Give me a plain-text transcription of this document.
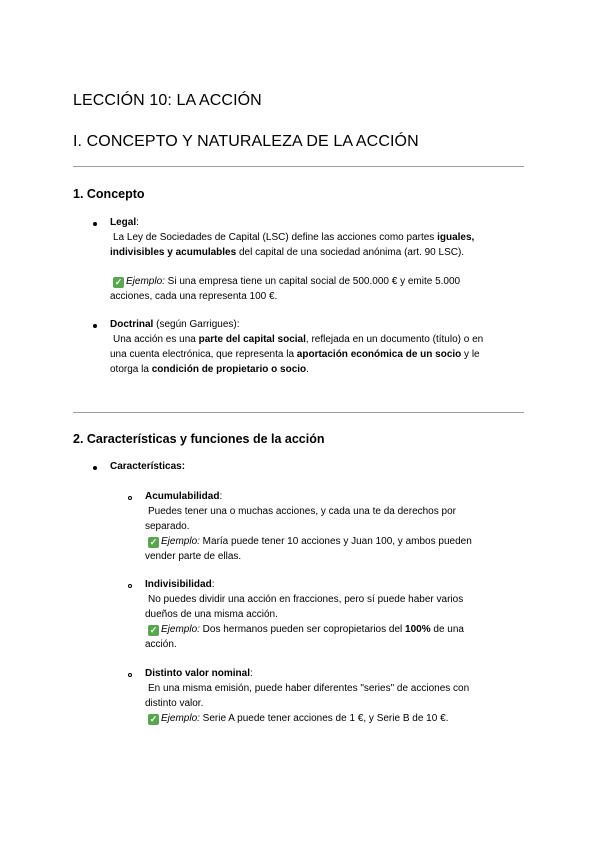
LECCIÓN 10: LA ACCIÓN
I. CONCEPTO Y NATURALEZA DE LA ACCIÓN
1. Concepto
Legal:
La Ley de Sociedades de Capital (LSC) define las acciones como partes iguales,
indivisibles y acumulables del capital de una sociedad anónima (art. 90 LSC).
✓ Ejemplo: Si una empresa tiene un capital social de 500.000 € y emite 5.000
acciones, cada una representa 100 €.
Doctrinal (según Garrigues):
Una acción es una parte del capital social, reflejada en un documento (título) o en
una cuenta electrónica, que representa la aportación económica de un socio y le
otorga la condición de propietario o socio.
2. Características y funciones de la acción
Características:
Acumulabilidad:
Puedes tener una o muchas acciones, y cada una te da derechos por
separado.
✓ Ejemplo: María puede tener 10 acciones y Juan 100, y ambos pueden
vender parte de ellas.
Indivisibilidad:
No puedes dividir una acción en fracciones, pero sí puede haber varios
dueños de una misma acción.
✓ Ejemplo: Dos hermanos pueden ser copropietarios del 100% de una
acción.
Distinto valor nominal:
En una misma emisión, puede haber diferentes "series" de acciones con
distinto valor.
✓ Ejemplo: Serie A puede tener acciones de 1 €, y Serie B de 10 €.
